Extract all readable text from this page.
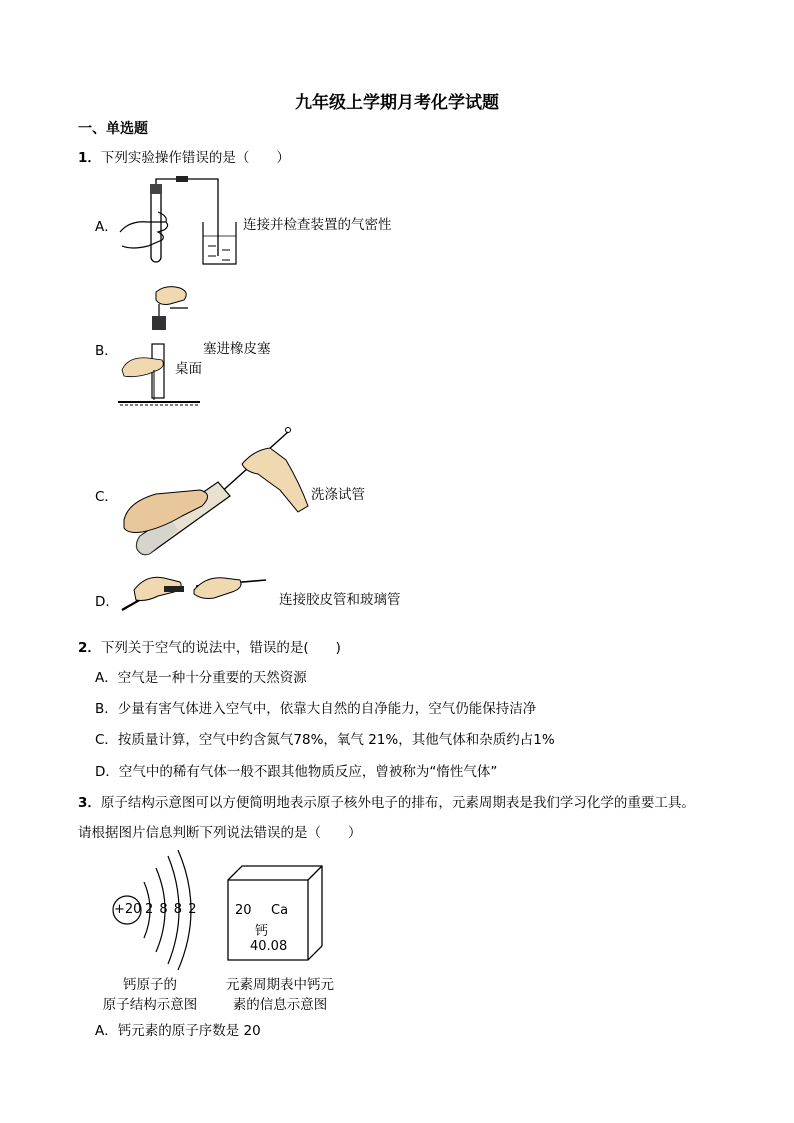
九年级上学期月考化学试题
一、单选题
1．下列实验操作错误的是（　　）
A．	连接并检查装置的气密性
B．	塞进橡皮塞
桌面
C．	洗涤试管
D．	连接胶皮管和玻璃管
2．下列关于空气的说法中，错误的是(　　)
A．空气是一种十分重要的天然资源
B．少量有害气体进入空气中，依靠大自然的自净能力，空气仍能保持洁净
C．按质量计算，空气中约含氮气78%，氧气 21%，其他气体和杂质约占1%
D．空气中的稀有气体一般不跟其他物质反应，曾被称为“惰性气体”
3．原子结构示意图可以方便简明地表示原子核外电子的排布，元素周期表是我们学习化学的重要工具。
请根据图片信息判断下列说法错误的是（　　）
+20 2 8 8 2	20 Ca
钙
40.08
钙原子的
原子结构示意图
元素周期表中钙元
素的信息示意图
A．钙元素的原子序数是 20
